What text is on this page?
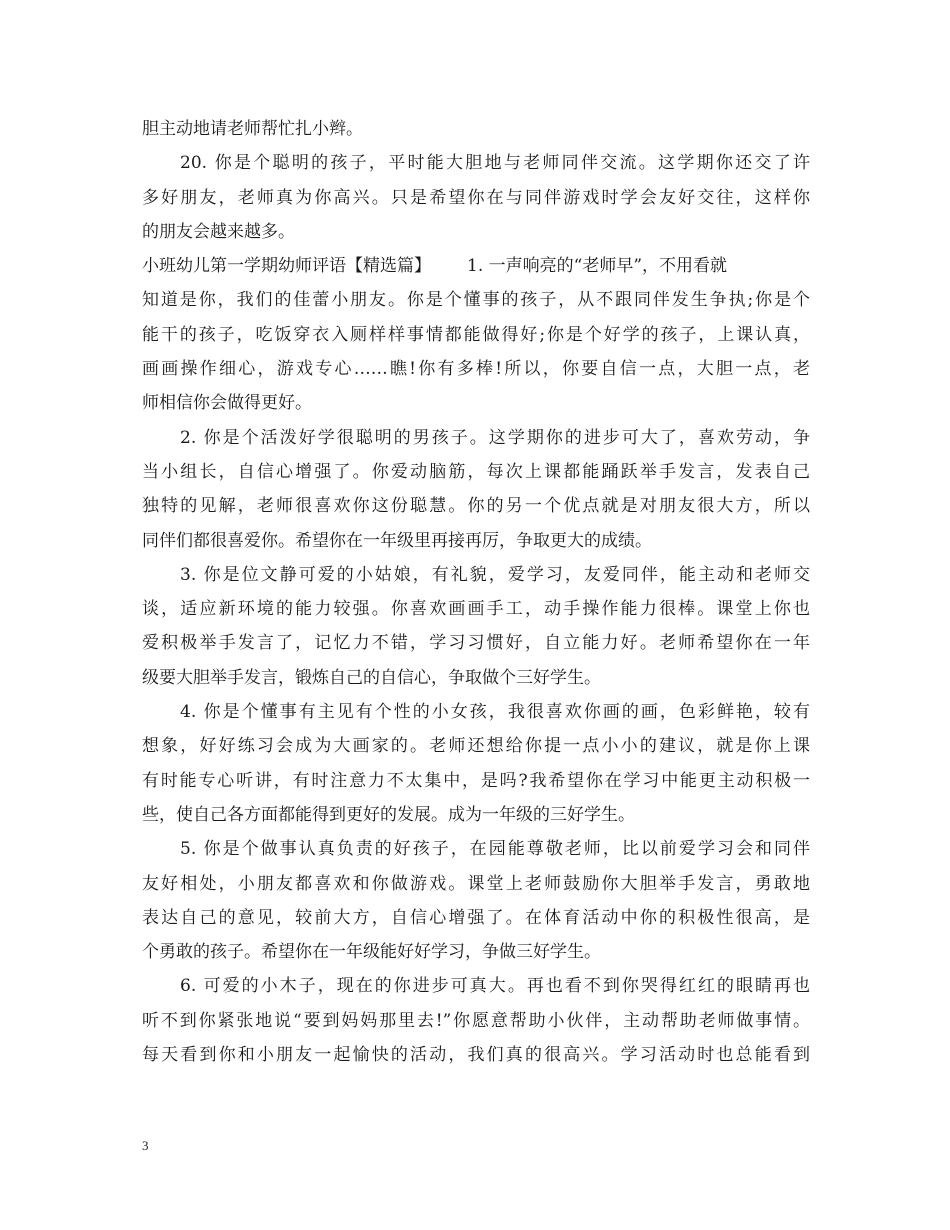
胆主动地请老师帮忙扎小辫。
20. 你是个聪明的孩子，平时能大胆地与老师同伴交流。这学期你还交了许
多好朋友，老师真为你高兴。只是希望你在与同伴游戏时学会友好交往，这样你
的朋友会越来越多。
小班幼儿第一学期幼师评语【精选篇】 1. 一声响亮的“老师早”，不用看就
知道是你，我们的佳蕾小朋友。你是个懂事的孩子，从不跟同伴发生争执;你是个
能干的孩子，吃饭穿衣入厕样样事情都能做得好;你是个好学的孩子，上课认真，
画画操作细心，游戏专心……瞧!你有多棒!所以，你要自信一点，大胆一点，老
师相信你会做得更好。
2. 你是个活泼好学很聪明的男孩子。这学期你的进步可大了，喜欢劳动，争
当小组长，自信心增强了。你爱动脑筋，每次上课都能踊跃举手发言，发表自己
独特的见解，老师很喜欢你这份聪慧。你的另一个优点就是对朋友很大方，所以
同伴们都很喜爱你。希望你在一年级里再接再厉，争取更大的成绩。
3. 你是位文静可爱的小姑娘，有礼貌，爱学习，友爱同伴，能主动和老师交
谈，适应新环境的能力较强。你喜欢画画手工，动手操作能力很棒。课堂上你也
爱积极举手发言了，记忆力不错，学习习惯好，自立能力好。老师希望你在一年
级要大胆举手发言，锻炼自己的自信心，争取做个三好学生。
4. 你是个懂事有主见有个性的小女孩，我很喜欢你画的画，色彩鲜艳，较有
想象，好好练习会成为大画家的。老师还想给你提一点小小的建议，就是你上课
有时能专心听讲，有时注意力不太集中，是吗?我希望你在学习中能更主动积极一
些，使自己各方面都能得到更好的发展。成为一年级的三好学生。
5. 你是个做事认真负责的好孩子，在园能尊敬老师，比以前爱学习会和同伴
友好相处，小朋友都喜欢和你做游戏。课堂上老师鼓励你大胆举手发言，勇敢地
表达自己的意见，较前大方，自信心增强了。在体育活动中你的积极性很高，是
个勇敢的孩子。希望你在一年级能好好学习，争做三好学生。
6. 可爱的小木子，现在的你进步可真大。再也看不到你哭得红红的眼睛再也
听不到你紧张地说“要到妈妈那里去!”你愿意帮助小伙伴，主动帮助老师做事情。
每天看到你和小朋友一起愉快的活动，我们真的很高兴。学习活动时也总能看到
3
